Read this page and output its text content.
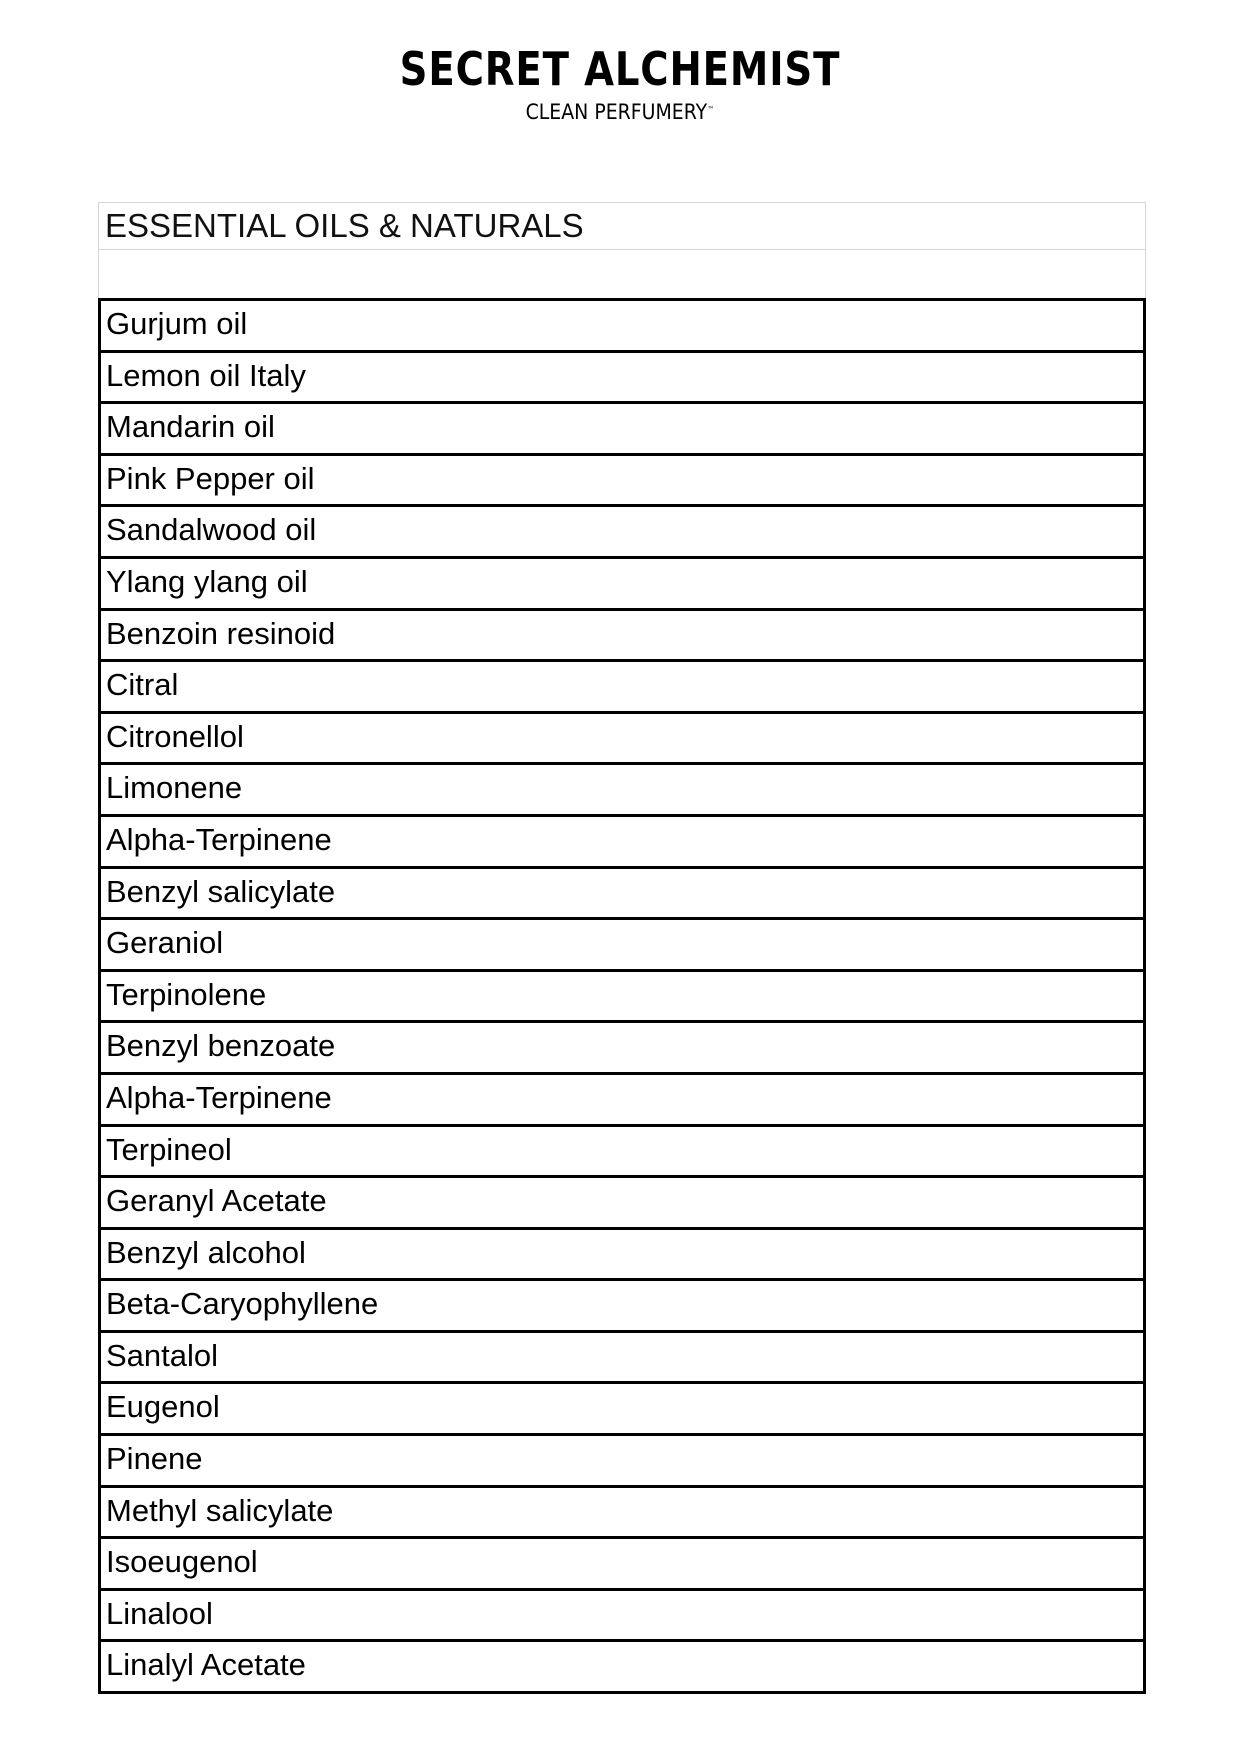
SECRET ALCHEMIST
CLEAN PERFUMERY™
ESSENTIAL OILS & NATURALS
Gurjum oil
Lemon oil Italy
Mandarin oil
Pink Pepper oil
Sandalwood oil
Ylang ylang oil
Benzoin resinoid
Citral
Citronellol
Limonene
Alpha-Terpinene
Benzyl salicylate
Geraniol
Terpinolene
Benzyl benzoate
Alpha-Terpinene
Terpineol
Geranyl Acetate
Benzyl alcohol
Beta-Caryophyllene
Santalol
Eugenol
Pinene
Methyl salicylate
Isoeugenol
Linalool
Linalyl Acetate
